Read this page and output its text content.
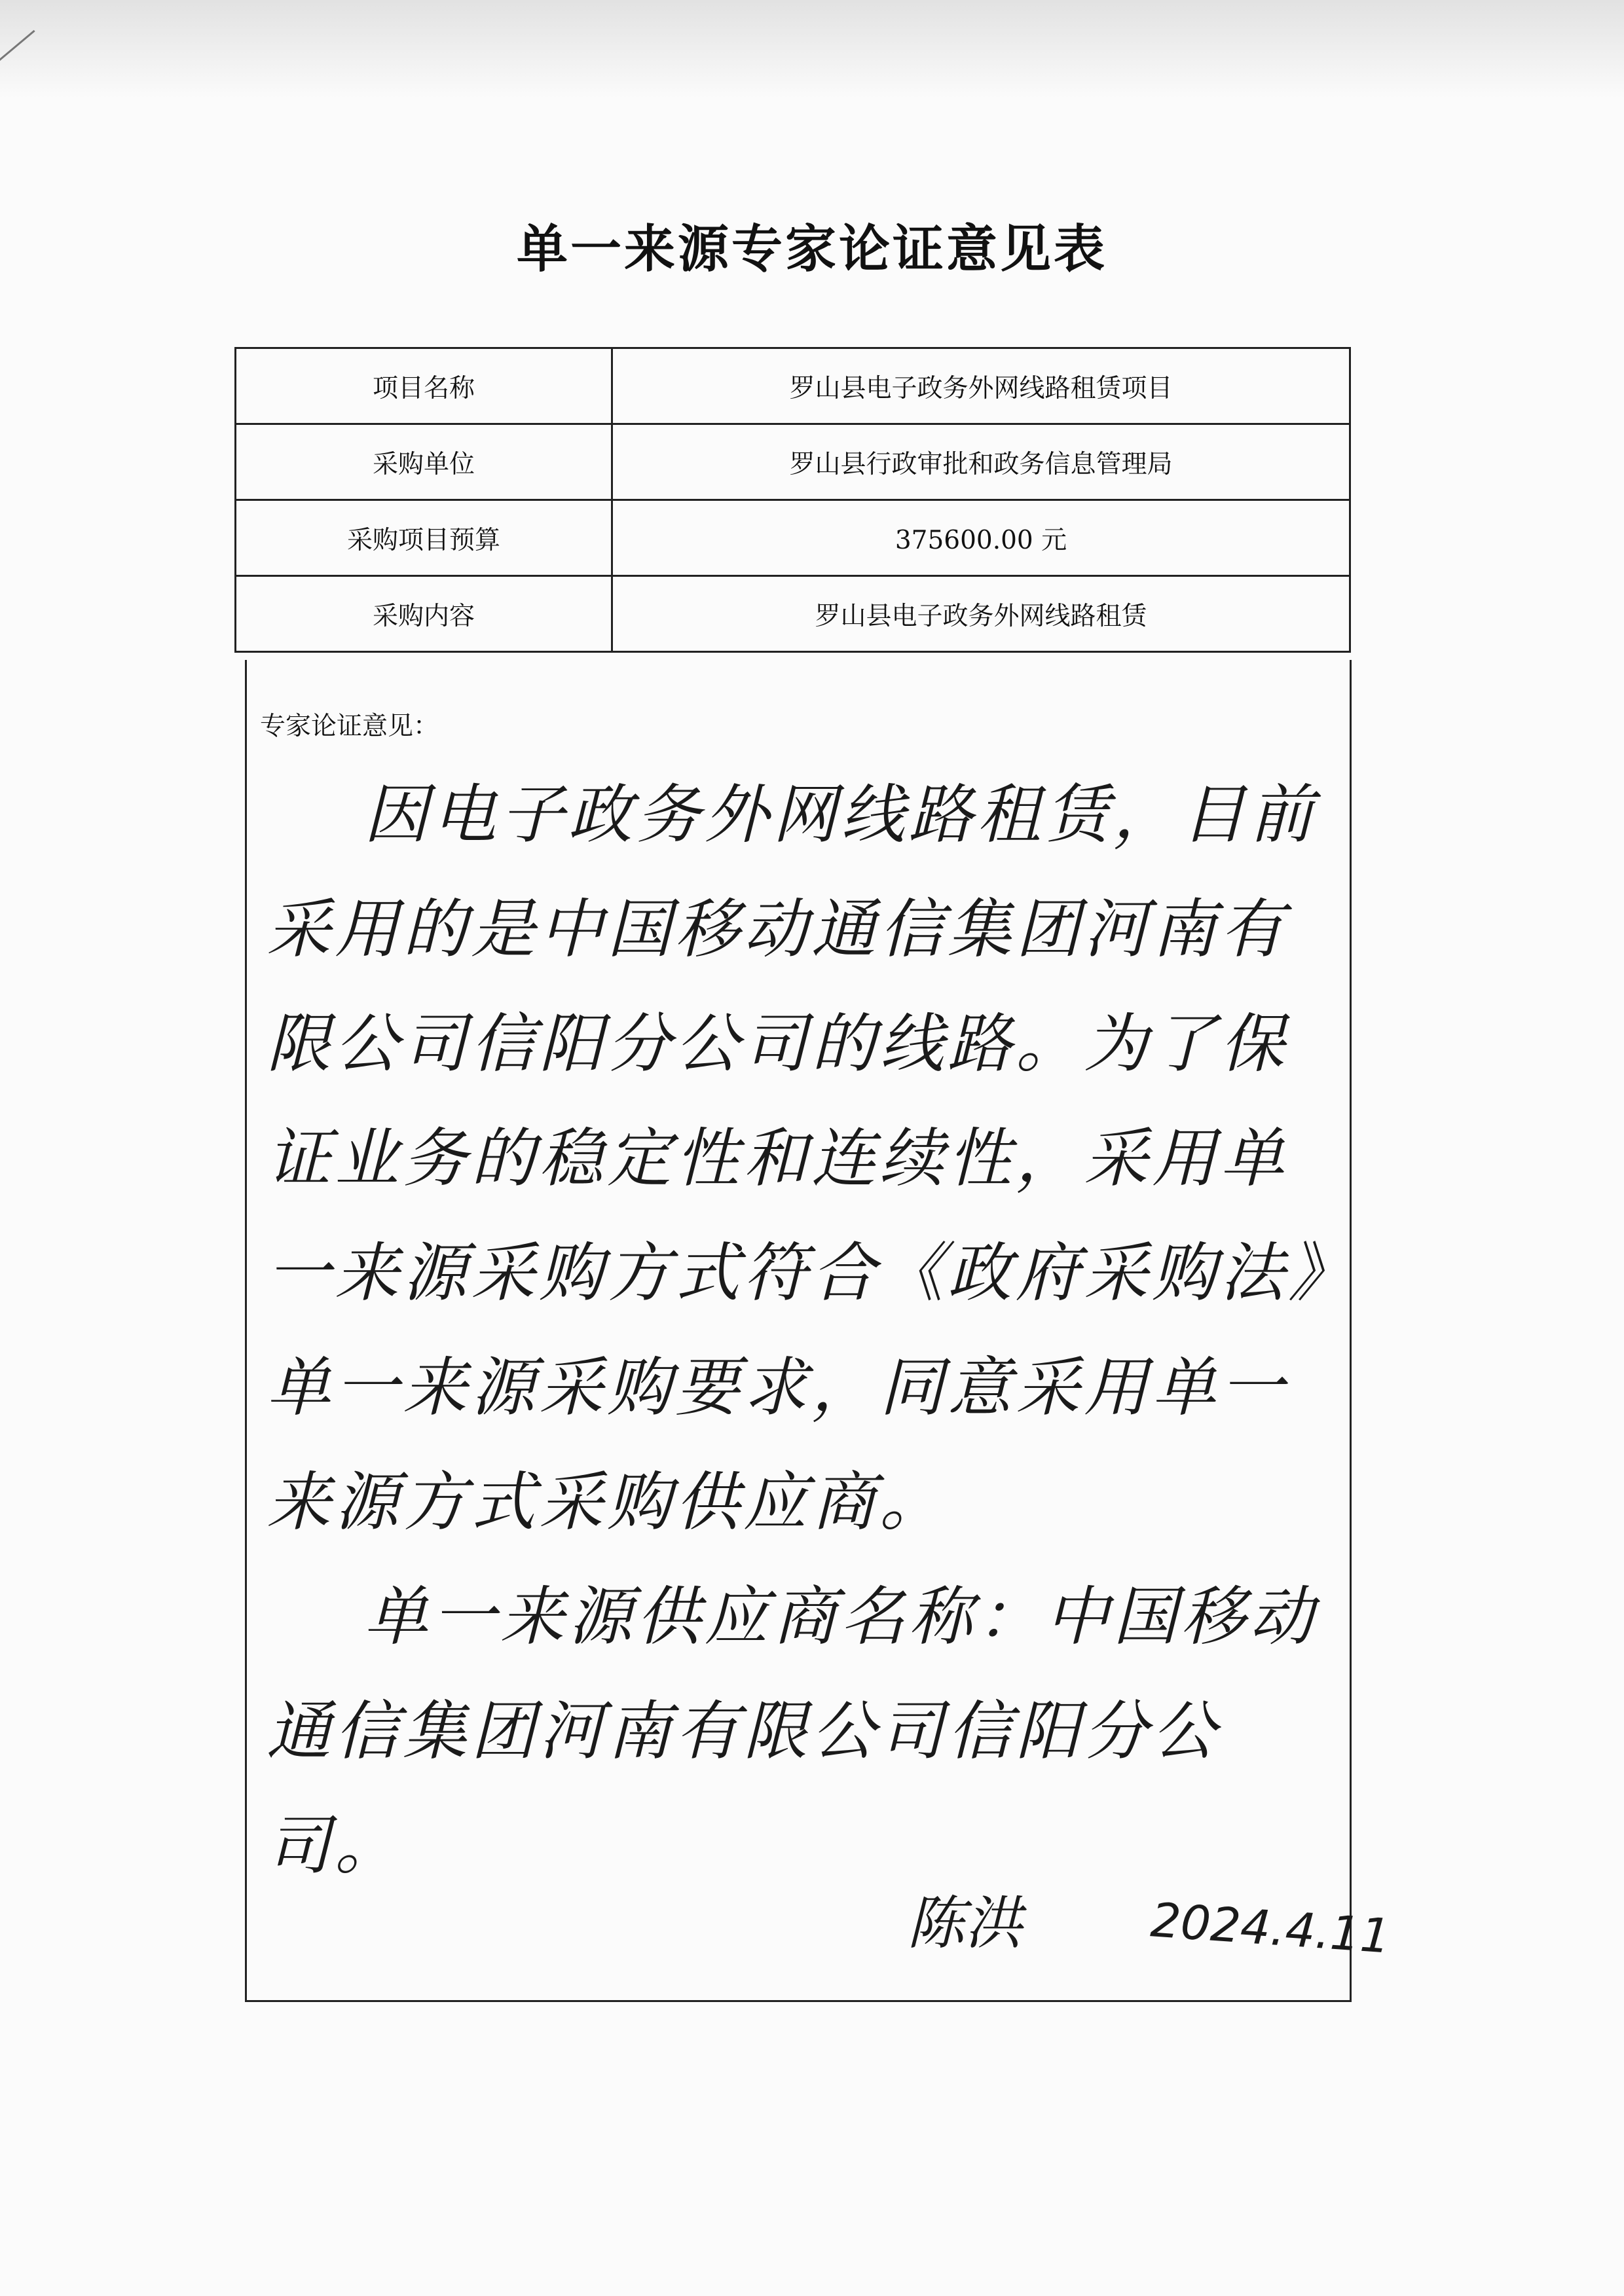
单一来源专家论证意见表
项目名称	罗山县电子政务外网线路租赁项目
采购单位	罗山县行政审批和政务信息管理局
采购项目预算	375600.00 元
采购内容	罗山县电子政务外网线路租赁
专家论证意见：

因电子政务外网线路租赁，目前采用的是中国移动通信集团河南有限公司信阳分公司的线路。为了保证业务的稳定性和连续性，采用单一来源采购方式符合《政府采购法》单一来源采购要求，同意采用单一来源方式采购供应商。
单一来源供应商名称：中国移动通信集团河南有限公司信阳分公司。

陈洪	2024.4.11
